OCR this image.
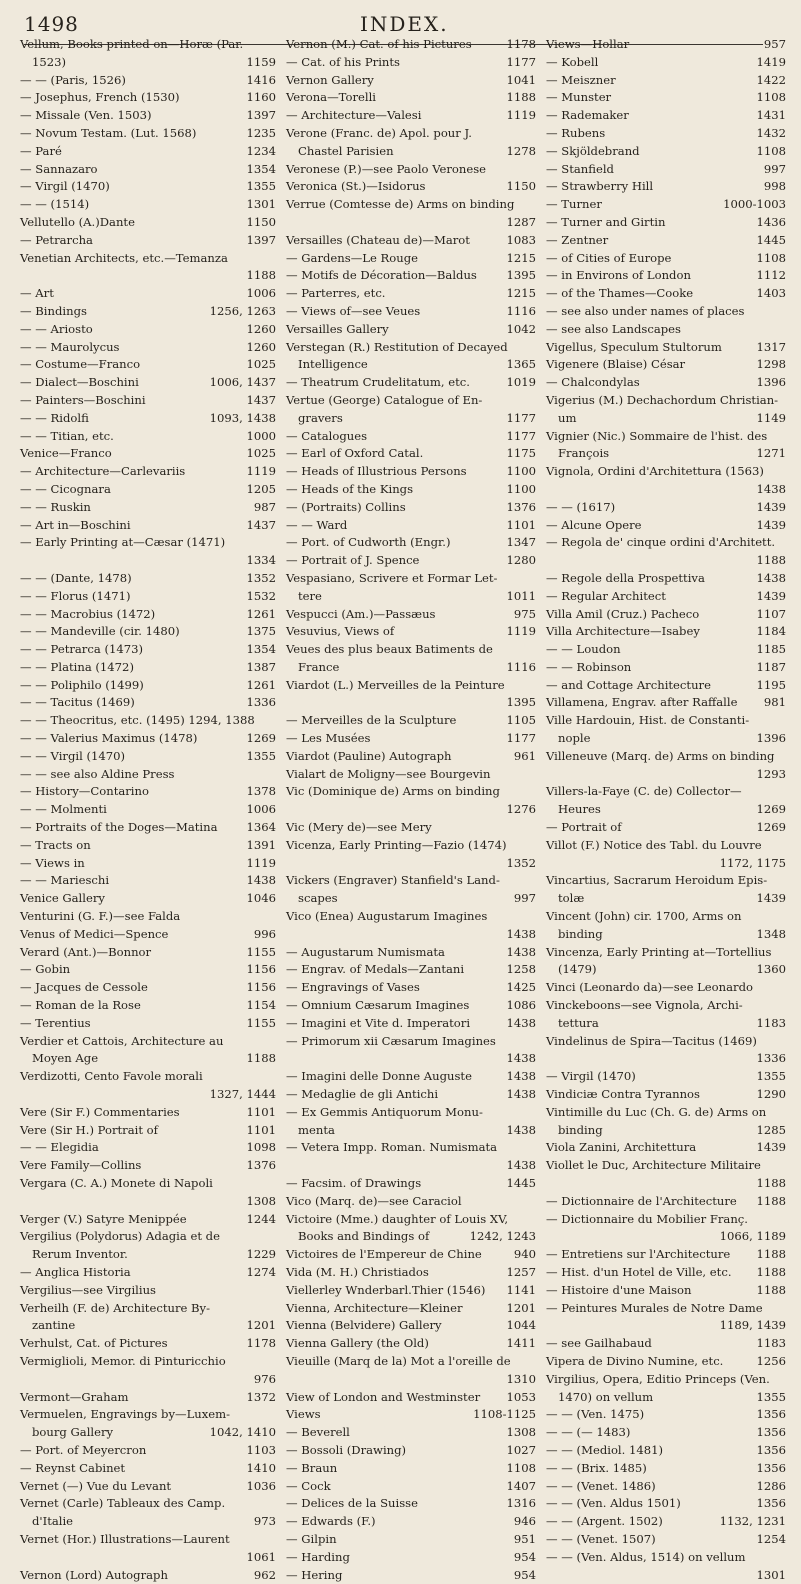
1498	INDEX.
Vellum, Books printed on—Horæ (Par.
1523)	1159
— — (Paris, 1526)	1416
— Josephus, French (1530)	1160
— Missale (Ven. 1503)	1397
— Novum Testam. (Lut. 1568)	1235
— Paré	1234
— Sannazaro	1354
— Virgil (1470)	1355
— — (1514)	1301
Vellutello (A.)Dante	1150
— Petrarcha	1397
Venetian Architects, etc.—Temanza
1188
— Art	1006
— Bindings	1256, 1263
— — Ariosto	1260
— — Maurolycus	1260
— Costume—Franco	1025
— Dialect—Boschini	1006, 1437
— Painters—Boschini	1437
— — Ridolfi	1093, 1438
— — Titian, etc.	1000
Venice—Franco	1025
— Architecture—Carlevariis	1119
— — Cicognara	1205
— — Ruskin	987
— Art in—Boschini	1437
— Early Printing at—Cæsar (1471)
1334
— — (Dante, 1478)	1352
— — Florus (1471)	1532
— — Macrobius (1472)	1261
— — Mandeville (cir. 1480)	1375
— — Petrarca (1473)	1354
— — Platina (1472)	1387
— — Poliphilo (1499)	1261
— — Tacitus (1469)	1336
— — Theocritus, etc. (1495) 1294, 1388
— — Valerius Maximus (1478)	1269
— — Virgil (1470)	1355
— — see also Aldine Press
— History—Contarino	1378
— — Molmenti	1006
— Portraits of the Doges—Matina 1364
— Tracts on	1391
— Views in	1119
— — Marieschi	1438
Venice Gallery	1046
Venturini (G. F.)—see Falda
Venus of Medici—Spence	996
Verard (Ant.)—Bonnor	1155
— Gobin	1156
— Jacques de Cessole	1156
— Roman de la Rose	1154
— Terentius	1155
Verdier et Cattois, Architecture au
Moyen Age	1188
Verdizotti, Cento Favole morali
1327, 1444
Vere (Sir F.) Commentaries	1101
Vere (Sir H.) Portrait of	1101
— — Elegidia	1098
Vere Family—Collins	1376
Vergara (C. A.) Monete di Napoli
1308
Verger (V.) Satyre Menippée	1244
Vergilius (Polydorus) Adagia et de
Rerum Inventor.	1229
— Anglica Historia	1274
Vergilius—see Virgilius
Verheilh (F. de) Architecture By-
zantine	1201
Verhulst, Cat. of Pictures	1178
Vermiglioli, Memor. di Pinturicchio
976
Vermont—Graham	1372
Vermuelen, Engravings by—Luxem-
bourg Gallery	1042, 1410
— Port. of Meyercron	1103
— Reynst Cabinet	1410
Vernet (—) Vue du Levant	1036
Vernet (Carle) Tableaux des Camp.
d'Italie	973
Vernet (Hor.) Illustrations—Laurent
1061
Vernon (Lord) Autograph	962
Vernon (M.) Cat. of his Pictures	1178
— Cat. of his Prints	1177
Vernon Gallery	1041
Verona—Torelli	1188
— Architecture—Valesi	1119
Verone (Franc. de) Apol. pour J.
Chastel Parisien	1278
Veronese (P.)—see Paolo Veronese
Veronica (St.)—Isidorus	1150
Verrue (Comtesse de) Arms on binding
1287
Versailles (Chateau de)—Marot	1083
— Gardens—Le Rouge	1215
— Motifs de Décoration—Baldus	1395
— Parterres, etc.	1215
— Views of—see Veues	1116
Versailles Gallery	1042
Verstegan (R.) Restitution of Decayed
Intelligence	1365
— Theatrum Crudelitatum, etc.	1019
Vertue (George) Catalogue of En-
gravers	1177
— Catalogues	1177
— Earl of Oxford Catal.	1175
— Heads of Illustrious Persons	1100
— Heads of the Kings	1100
— (Portraits) Collins	1376
— — Ward	1101
— Port. of Cudworth (Engr.)	1347
— Portrait of J. Spence	1280
Vespasiano, Scrivere et Formar Let-
tere	1011
Vespucci (Am.)—Passæus	975
Vesuvius, Views of	1119
Veues des plus beaux Batiments de
France	1116
Viardot (L.) Merveilles de la Peinture
1395
— Merveilles de la Sculpture	1105
— Les Musées	1177
Viardot (Pauline) Autograph	961
Vialart de Moligny—see Bourgevin
Vic (Dominique de) Arms on binding
1276
Vic (Mery de)—see Mery
Vicenza, Early Printing—Fazio (1474)
1352
Vickers (Engraver) Stanfield's Land-
scapes	997
Vico (Enea) Augustarum Imagines
1438
— Augustarum Numismata	1438
— Engrav. of Medals—Zantani	1258
— Engravings of Vases	1425
— Omnium Cæsarum Imagines	1086
— Imagini et Vite d. Imperatori	1438
— Primorum xii Cæsarum Imagines
1438
— Imagini delle Donne Auguste	1438
— Medaglie de gli Antichi	1438
— Ex Gemmis Antiquorum Monu-
menta	1438
— Vetera Impp. Roman. Numismata
1438
— Facsim. of Drawings	1445
Vico (Marq. de)—see Caraciol
Victoire (Mme.) daughter of Louis XV,
Books and Bindings of	1242, 1243
Victoires de l'Empereur de Chine	940
Vida (M. H.) Christiados	1257
Viellerley Wnderbarl.Thier (1546) 1141
Vienna, Architecture—Kleiner	1201
Vienna (Belvidere) Gallery	1044
Vienna Gallery (the Old)	1411
Vieuille (Marq de la) Mot a l'oreille de
1310
View of London and Westminster 1053
Views	1108-1125
— Beverell	1308
— Bossoli (Drawing)	1027
— Braun	1108
— Cock	1407
— Delices de la Suisse	1316
— Edwards (F.)	946
— Gilpin	951
— Harding	954
— Hering	954
Views—Hollar	957
— Kobell	1419
— Meiszner	1422
— Munster	1108
— Rademaker	1431
— Rubens	1432
— Skjöldebrand	1108
— Stanfield	997
— Strawberry Hill	998
— Turner	1000-1003
— Turner and Girtin	1436
— Zentner	1445
— of Cities of Europe	1108
— in Environs of London	1112
— of the Thames—Cooke	1403
— see also under names of places
— see also Landscapes
Vigellus, Speculum Stultorum	1317
Vigenere (Blaise) César	1298
— Chalcondylas	1396
Vigerius (M.) Dechachordum Christian-
um	1149
Vignier (Nic.) Sommaire de l'hist. des
François	1271
Vignola, Ordini d'Architettura (1563)
1438
— — (1617)	1439
— Alcune Opere	1439
— Regola de' cinque ordini d'Architett.
1188
— Regole della Prospettiva	1438
— Regular Architect	1439
Villa Amil (Cruz.) Pacheco	1107
Villa Architecture—Isabey	1184
— — Loudon	1185
— — Robinson	1187
— and Cottage Architecture	1195
Villamena, Engrav. after Raffalle 981
Ville Hardouin, Hist. de Constanti-
nople	1396
Villeneuve (Marq. de) Arms on binding
1293
Villers-la-Faye (C. de) Collector—
Heures	1269
— Portrait of	1269
Villot (F.) Notice des Tabl. du Louvre
1172, 1175
Vincartius, Sacrarum Heroidum Epis-
tolæ	1439
Vincent (John) cir. 1700, Arms on
binding	1348
Vincenza, Early Printing at—Tortellius
(1479)	1360
Vinci (Leonardo da)—see Leonardo
Vinckeboons—see Vignola, Archi-
tettura	1183
Vindelinus de Spira—Tacitus (1469)
1336
— Virgil (1470)	1355
Vindiciæ Contra Tyrannos	1290
Vintimille du Luc (Ch. G. de) Arms on
binding	1285
Viola Zanini, Architettura	1439
Viollet le Duc, Architecture Militaire
1188
— Dictionnaire de l'Architecture 1188
— Dictionnaire du Mobilier Franç.
1066, 1189
— Entretiens sur l'Architecture 1188
— Hist. d'un Hotel de Ville, etc. 1188
— Histoire d'une Maison	1188
— Peintures Murales de Notre Dame
1189, 1439
— see Gailhabaud	1183
Vipera de Divino Numine, etc.	1256
Virgilius, Opera, Editio Princeps (Ven.
1470) on vellum	1355
— — (Ven. 1475)	1356
— — (— 1483)	1356
— — (Mediol. 1481)	1356
— — (Brix. 1485)	1356
— — (Venet. 1486)	1286
— — (Ven. Aldus 1501)	1356
— — (Argent. 1502)	1132, 1231
— — (Venet. 1507)	1254
— — (Ven. Aldus, 1514) on vellum
1301
